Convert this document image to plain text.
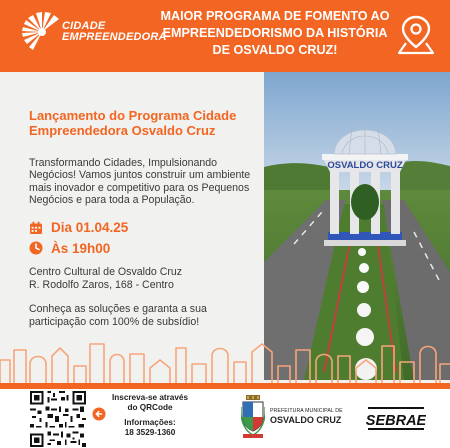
CIDADE
EMPREENDEDORA
MAIOR PROGRAMA DE FOMENTO AO EMPREENDEDORISMO DA HISTÓRIA DE OSVALDO CRUZ!
OSVALDO CRUZ
Lançamento do Programa Cidade Empreendedora Osvaldo Cruz
Transformando Cidades, Impulsionando Negócios! Vamos juntos construir um ambiente mais inovador e competitivo para os Pequenos Negócios e para toda a População.
Dia 01.04.25
Às 19h00
Centro Cultural de Osvaldo Cruz
R. Rodolfo Zaros, 168 - Centro
Conheça as soluções e garanta a sua participação com 100% de subsídio!
Inscreva-se através
do QRCode
Informações:
18 3529-1360
PREFEITURA MUNICIPAL DE
OSVALDO CRUZ SEBRAE
